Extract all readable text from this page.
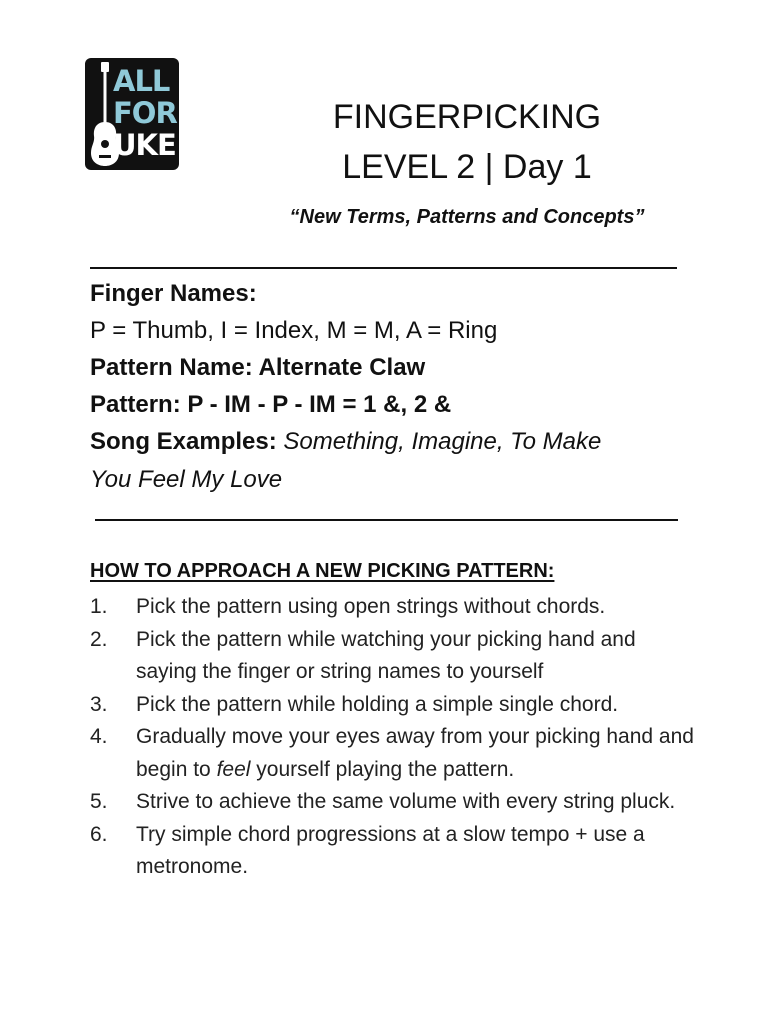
ALL
FOR
UKE
FINGERPICKING
LEVEL 2 | Day 1
“New Terms, Patterns and Concepts”
Finger Names:
P = Thumb, I = Index, M = M, A = Ring
Pattern Name: Alternate Claw
Pattern: P - IM - P - IM = 1 &, 2 &
Song Examples: Something, Imagine, To Make
You Feel My Love
HOW TO APPROACH A NEW PICKING PATTERN:
1. Pick the pattern using open strings without chords.
2. Pick the pattern while watching your picking hand and saying the finger or string names to yourself
3. Pick the pattern while holding a simple single chord.
4. Gradually move your eyes away from your picking hand and begin to feel yourself playing the pattern.
5. Strive to achieve the same volume with every string pluck.
6. Try simple chord progressions at a slow tempo + use a metronome.
